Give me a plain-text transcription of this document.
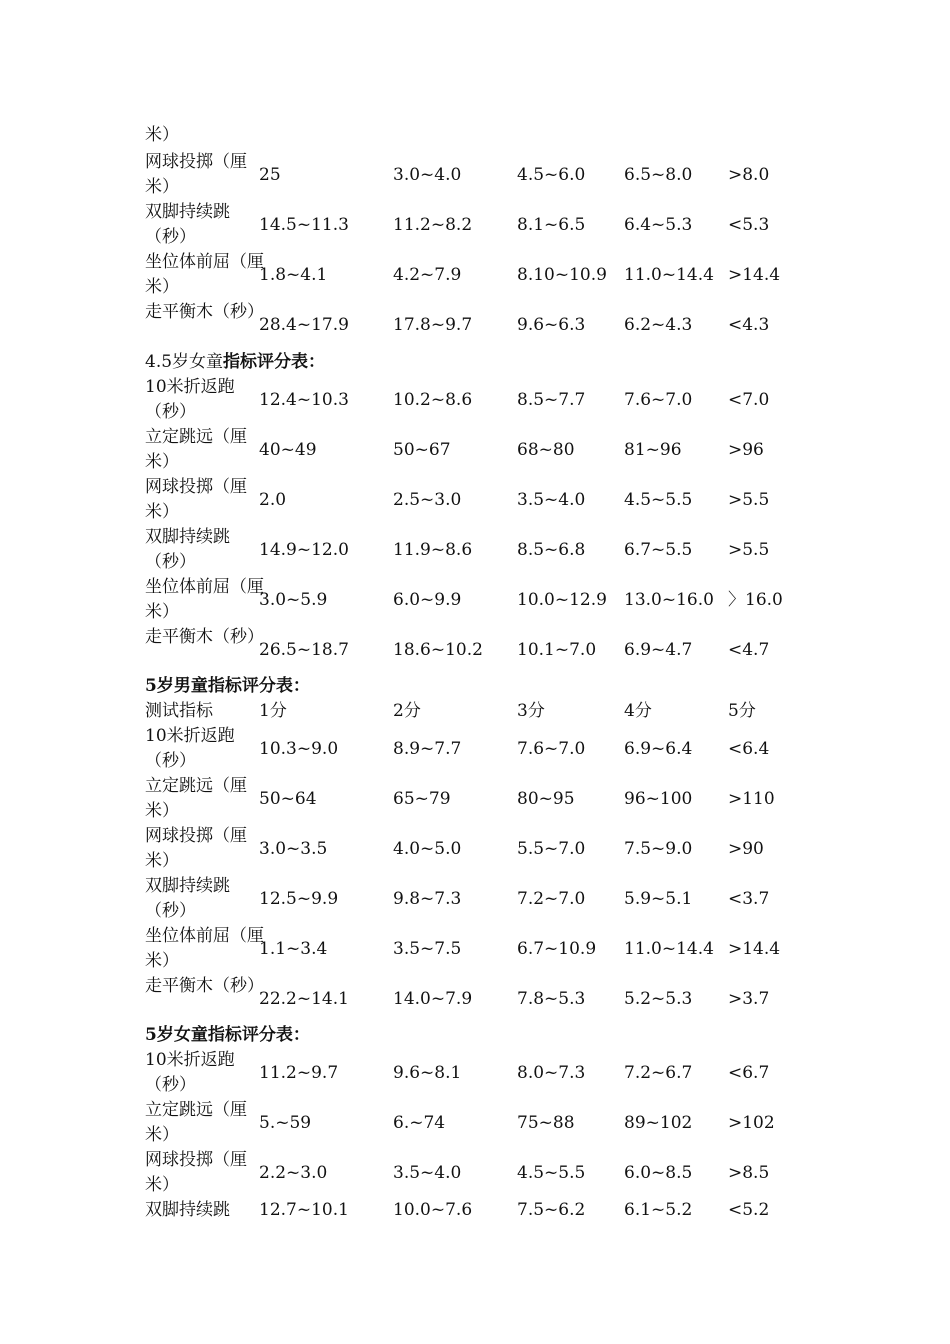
米）
网球投掷（厘米）
25	3.0~4.0	4.5~6.0 6.5~8.0 >8.0
双脚持续跳（秒）
14.5~11.3	11.2~8.2	8.1~6.5 6.4~5.3 <5.3
坐位体前屈（厘米）
1.8~4.1	4.2~7.9	8.10~10.9 11.0~14.4 >14.4
走平衡木（秒）
28.4~17.9	17.8~9.7	9.6~6.3 6.2~4.3 <4.3
4.5岁女童指标评分表：
10米折返跑（秒）
12.4~10.3	10.2~8.6	8.5~7.7 7.6~7.0 <7.0
立定跳远（厘米）
40~49	50~67	68~80	81~96	>96
网球投掷（厘米）
2.0	2.5~3.0	3.5~4.0 4.5~5.5 >5.5
双脚持续跳（秒）
14.9~12.0	11.9~8.6	8.5~6.8 6.7~5.5 >5.5
坐位体前屈（厘米）
3.0~5.9	6.0~9.9	10.0~12.9 13.0~16.0 〉16.0
走平衡木（秒）
26.5~18.7	18.6~10.2 10.1~7.0 6.9~4.7 <4.7
5岁男童指标评分表：
测试指标	1分	2分	3分	4分	5分
10米折返跑（秒）
10.3~9.0	8.9~7.7	7.6~7.0 6.9~6.4 <6.4
立定跳远（厘米）
50~64	65~79	80~95	96~100 >110
网球投掷（厘米）
3.0~3.5	4.0~5.0	5.5~7.0 7.5~9.0 >90
双脚持续跳（秒）
12.5~9.9	9.8~7.3	7.2~7.0 5.9~5.1 <3.7
坐位体前屈（厘米）
1.1~3.4	3.5~7.5	6.7~10.9 11.0~14.4 >14.4
走平衡木（秒）
22.2~14.1	14.0~7.9	7.8~5.3 5.2~5.3 >3.7
5岁女童指标评分表：
10米折返跑（秒）
11.2~9.7	9.6~8.1	8.0~7.3 7.2~6.7 <6.7
立定跳远（厘米）
5.~59	6.~74	75~88	89~102 >102
网球投掷（厘米）
2.2~3.0	3.5~4.0	4.5~5.5 6.0~8.5 >8.5
双脚持续跳	12.7~10.1	10.0~7.6	7.5~6.2 6.1~5.2 <5.2
